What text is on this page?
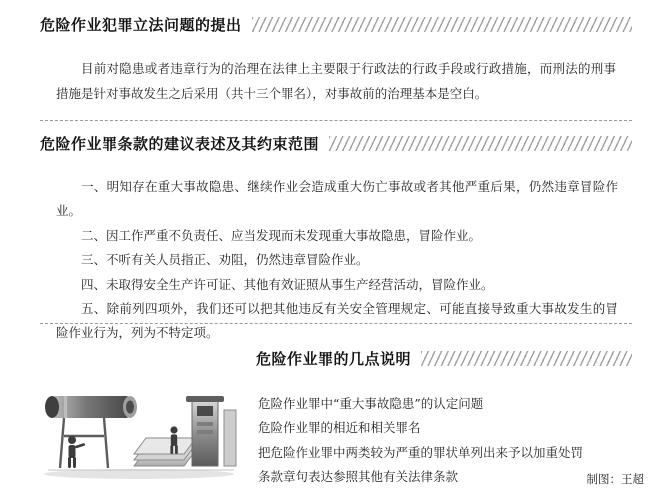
危险作业犯罪立法问题的提出
目前对隐患或者违章行为的治理在法律上主要限于行政法的行政手段或行政措施，而刑法的刑事措施是针对事故发生之后采用（共十三个罪名），对事故前的治理基本是空白。
危险作业罪条款的建议表述及其约束范围
一、明知存在重大事故隐患、继续作业会造成重大伤亡事故或者其他严重后果，仍然违章冒险作业。
二、因工作严重不负责任、应当发现而未发现重大事故隐患，冒险作业。
三、不听有关人员指正、劝阻，仍然违章冒险作业。
四、未取得安全生产许可证、其他有效证照从事生产经营活动，冒险作业。
五、除前列四项外，我们还可以把其他违反有关安全管理规定、可能直接导致重大事故发生的冒险作业行为，列为不特定项。
危险作业罪的几点说明
危险作业罪中“重大事故隐患”的认定问题
危险作业罪的相近和相关罪名
把危险作业罪中两类较为严重的罪状单列出来予以加重处罚
条款章句表达参照其他有关法律条款	制图：王超
